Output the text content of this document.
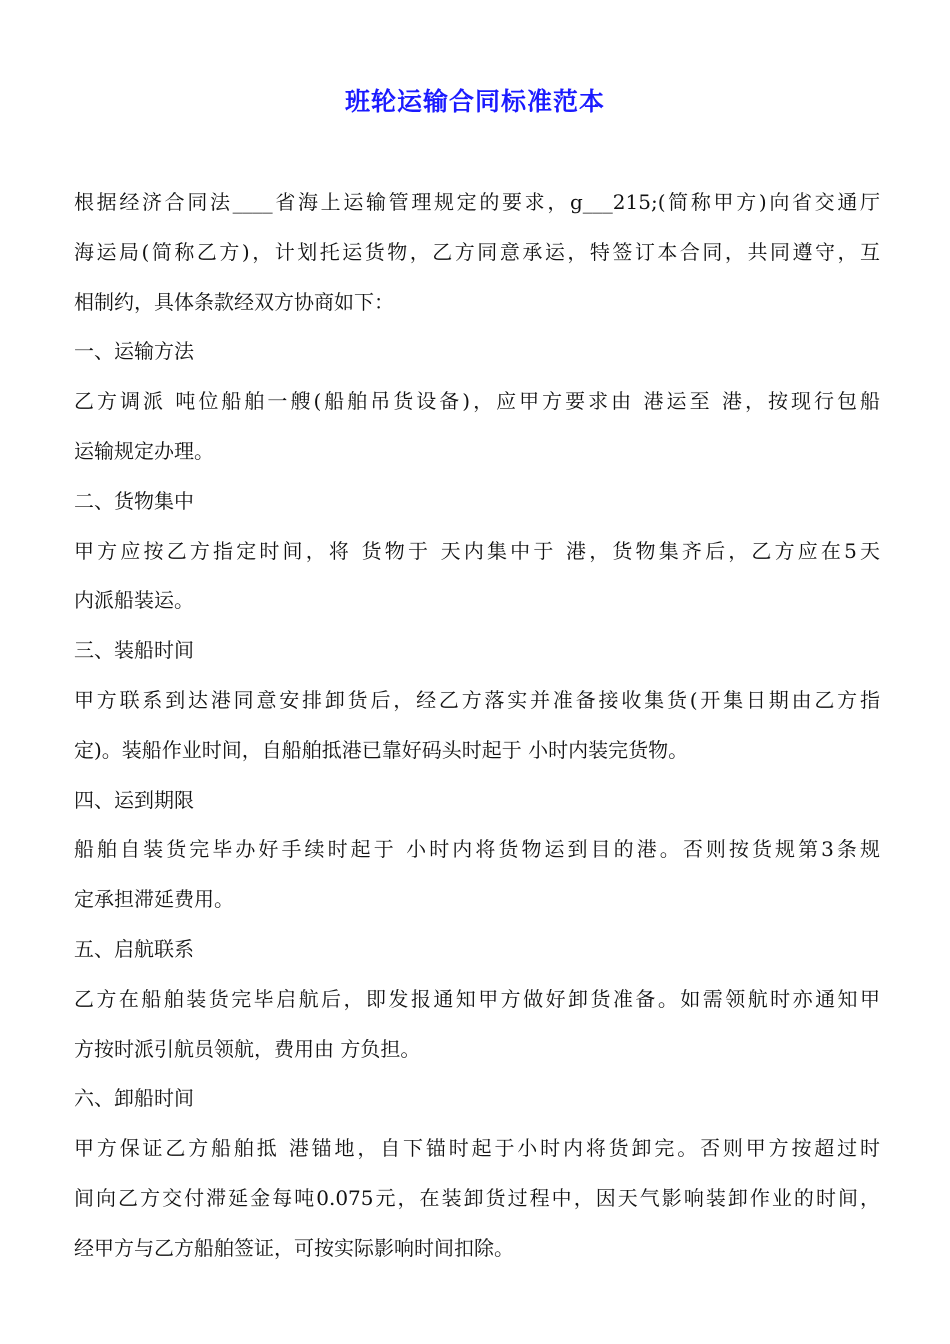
班轮运输合同标准范本
根据经济合同法____省海上运输管理规定的要求，g___215;(简称甲方)向省交通厅
海运局(简称乙方)，计划托运货物，乙方同意承运，特签订本合同，共同遵守，互
相制约，具体条款经双方协商如下：
一、运输方法
乙方调派 吨位船舶一艘(船舶吊货设备)，应甲方要求由 港运至 港，按现行包船
运输规定办理。
二、货物集中
甲方应按乙方指定时间，将 货物于 天内集中于 港，货物集齐后，乙方应在5天
内派船装运。
三、装船时间
甲方联系到达港同意安排卸货后，经乙方落实并准备接收集货(开集日期由乙方指
定)。装船作业时间，自船舶抵港已靠好码头时起于 小时内装完货物。
四、运到期限
船舶自装货完毕办好手续时起于 小时内将货物运到目的港。否则按货规第3条规
定承担滞延费用。
五、启航联系
乙方在船舶装货完毕启航后，即发报通知甲方做好卸货准备。如需领航时亦通知甲
方按时派引航员领航，费用由 方负担。
六、卸船时间
甲方保证乙方船舶抵 港锚地，自下锚时起于小时内将货卸完。否则甲方按超过时
间向乙方交付滞延金每吨0.075元，在装卸货过程中，因天气影响装卸作业的时间，
经甲方与乙方船舶签证，可按实际影响时间扣除。
